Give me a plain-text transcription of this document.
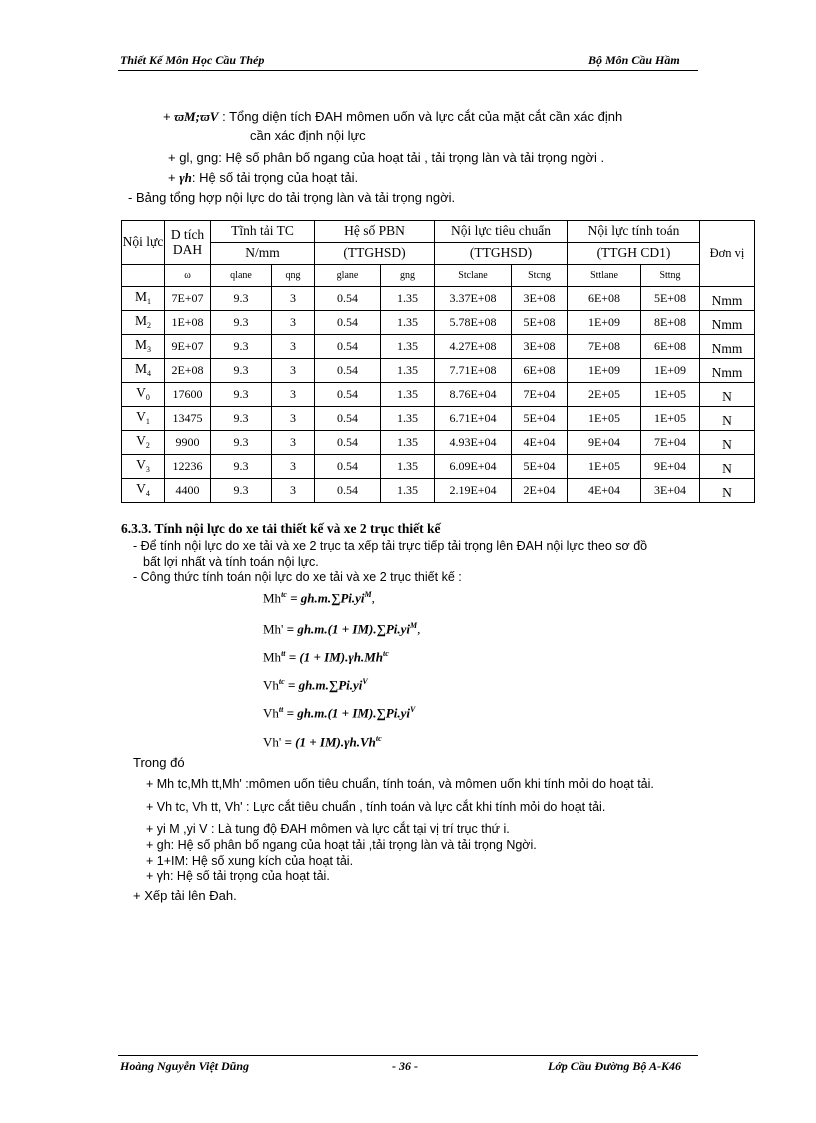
Thiết Kế Môn Học Cầu Thép	Bộ Môn Cầu Hầm
+ ϖM;ϖV : Tổng diện tích ĐAH mômen uốn và lực cắt của mặt cắt cần xác định
cần xác định nội lực
+ gl, gng: Hệ số phân bố ngang của hoạt tải , tải trọng làn và tải trọng ngời .
+ γh: Hệ số tải trọng của hoạt tải.
- Bảng tổng hợp nội lực do tải trọng làn và tải trọng ngời.
Nội lực	D tích DAH	Tĩnh tải TC		Hệ số PBN		Nội lực tiêu chuẩn		Nội lực tính toán		Đơn vị
		N/mm		(TTGHSD)		(TTGHSD)		(TTGH CD1)		
	ω	qlane	qng	glane	gng	Stclane	Stcng	Sttlane	Sttng	
$M_1$	7E+07	9.3	3	0.54	1.35	3.37E+08	3E+08	6E+08	5E+08	Nmm
$M_2$	1E+08	9.3	3	0.54	1.35	5.78E+08	5E+08	1E+09	8E+08	Nmm
$M_3$	9E+07	9.3	3	0.54	1.35	4.27E+08	3E+08	7E+08	6E+08	Nmm
$M_4$	2E+08	9.3	3	0.54	1.35	7.71E+08	6E+08	1E+09	1E+09	Nmm
$V_0$	17600	9.3	3	0.54	1.35	8.76E+04	7E+04	2E+05	1E+05	N
$V_1$	13475	9.3	3	0.54	1.35	6.71E+04	5E+04	1E+05	1E+05	N
$V_2$	9900	9.3	3	0.54	1.35	4.93E+04	4E+04	9E+04	7E+04	N
$V_3$	12236	9.3	3	0.54	1.35	6.09E+04	5E+04	1E+05	9E+04	N
$V_4$	4400	9.3	3	0.54	1.35	2.19E+04	2E+04	4E+04	3E+04	N
6.3.3. Tính nội lực do xe tải thiết kế và xe 2 trục thiết kế
- Để tính nội lực do xe tải và xe 2 trục ta xếp tải trực tiếp tải trọng lên ĐAH nội lực theo sơ đồ
bất lợi nhất và tính toán nội lực.
- Công thức tính toán nội lực do xe tải và xe 2 trục thiết kế :
$Mh^{tc} = gh.m.\sum Pi.yi^M$,
$Mh' = gh.m.(1 + IM).\sum Pi.yi^M$,
$Mh^{tt} = (1 + IM).\gamma h.Mh^{tc}$
$Vh^{tc} = gh.m.\sum Pi.yi^V$
$Vh^{tt} = gh.m.(1 + IM).\sum Pi.yi^V$
$Vh' = (1 + IM).\gamma h.Vh^{tc}$
Trong đó
+ Mh tc,Mh tt,Mh' :mômen uốn tiêu chuẩn, tính toán, và mômen uốn khi tính mỏi do hoạt tải.
+ Vh tc, Vh tt, Vh' : Lực cắt tiêu chuẩn , tính toán và lực cắt khi tính mỏi do hoạt tải.
+ yi M ,yi V : Là tung độ ĐAH mômen và lực cắt tại vị trí trục thứ i.
+ gh: Hệ số phân bố ngang của hoạt tải ,tải trọng làn và tải trọng Ngời.
+ 1+IM: Hệ số xung kích của hoạt tải.
+ γh: Hệ số tải trọng của hoạt tải.
+ Xếp tải lên Đah.
Hoàng Nguyễn Việt Dũng	- 36 -	Lớp Cầu Đường Bộ A-K46
